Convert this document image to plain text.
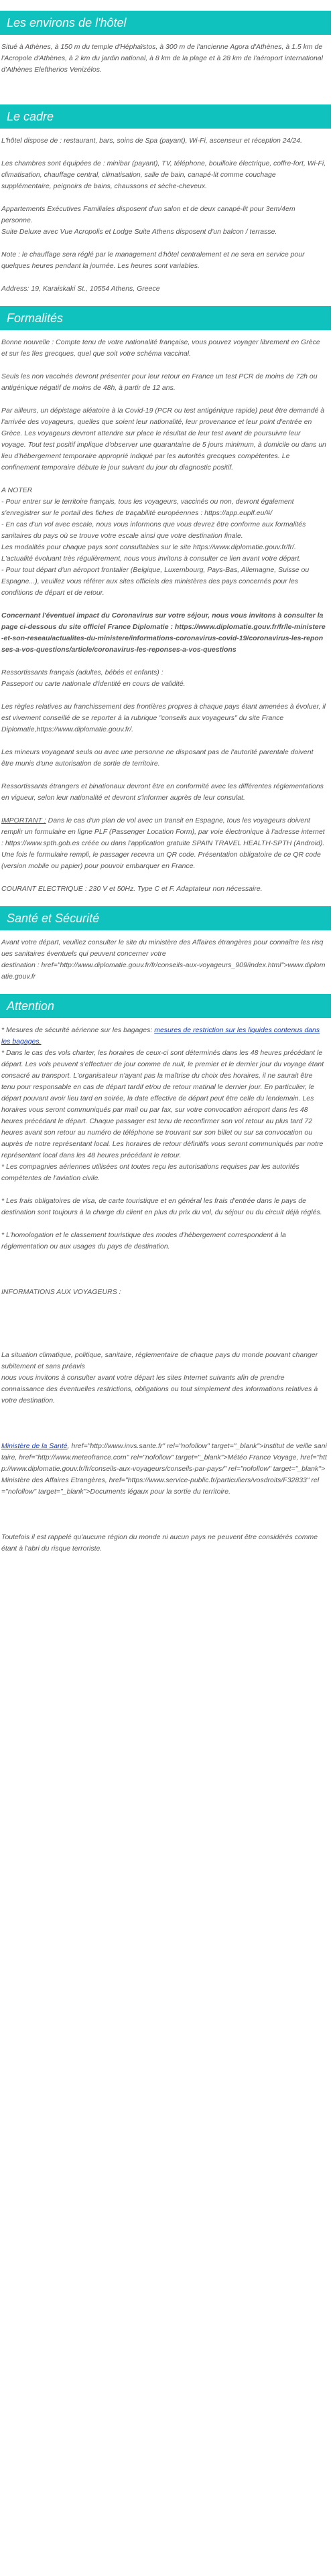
Les environs de l'hôtel
Situé à Athènes, à 150 m du temple d'Héphaïstos, à 300 m de l'ancienne Agora d'Athènes, à 1.5 km de l'Acropole d'Athènes, à 2 km du jardin national, à 8 km de la plage et à 28 km de l'aéroport international d'Athènes Eleftherios Venizélos.
Le cadre
L'hôtel dispose de : restaurant, bars, soins de Spa (payant), Wi-Fi, ascenseur et réception 24/24.
Les chambres sont équipées de : minibar (payant), TV, téléphone, bouilloire électrique, coffre-fort, Wi-Fi, climatisation, chauffage central, climatisation, salle de bain, canapé-lit comme couchage supplémentaire, peignoirs de bains, chaussons et sèche-cheveux.
Appartements Exécutives Familiales disposent d'un salon et de deux canapé-lit pour 3em/4em personne.
Suite Deluxe avec Vue Acropolis et Lodge Suite Athens disposent d'un balcon / terrasse.
Note : le chauffage sera réglé par le management d'hôtel centralement et ne sera en service pour quelques heures pendant la journée. Les heures sont variables.
Address: 19, Karaiskaki St., 10554 Athens, Greece
Formalités
Bonne nouvelle : Compte tenu de votre nationalité française, vous pouvez voyager librement en Grèce et sur les îles grecques, quel que soit votre schéma vaccinal.
Seuls les non vaccinés devront présenter pour leur retour en France un test PCR de moins de 72h ou antigénique négatif de moins de 48h, à partir de 12 ans.
Par ailleurs, un dépistage aléatoire à la Covid-19 (PCR ou test antigénique rapide) peut être demandé à l'arrivée des voyageurs, quelles que soient leur nationalité, leur provenance et leur point d'entrée en Grèce. Les voyageurs devront attendre sur place le résultat de leur test avant de poursuivre leur voyage. Tout test positif implique d'observer une quarantaine de 5 jours minimum, à domicile ou dans un lieu d'hébergement temporaire approprié indiqué par les autorités grecques compétentes. Le confinement temporaire débute le jour suivant du jour du diagnostic positif.
A NOTER
- Pour entrer sur le territoire français, tous les voyageurs, vaccinés ou non, devront également s'enregistrer sur le portail des fiches de traçabilité européennes : https://app.euplf.eu/#/
- En cas d'un vol avec escale, nous vous informons que vous devrez être conforme aux formalités sanitaires du pays où se trouve votre escale ainsi que votre destination finale.
Les modalités pour chaque pays sont consultables sur le site https://www.diplomatie.gouv.fr/fr/. L'actualité évoluant très régulièrement, nous vous invitons à consulter ce lien avant votre départ.
- Pour tout départ d'un aéroport frontalier (Belgique, Luxembourg, Pays-Bas, Allemagne, Suisse ou Espagne...), veuillez vous référer aux sites officiels des ministères des pays concernés pour les conditions de départ et de retour.
Concernant l'éventuel impact du Coronavirus sur votre séjour, nous vous invitons à consulter la page ci-dessous du site officiel France Diplomatie : https://www.diplomatie.gouv.fr/fr/le-ministere-et-son-reseau/actualites-du-ministere/informations-coronavirus-covid-19/coronavirus-les-reponses-a-vos-questions/article/coronavirus-les-reponses-a-vos-questions
Ressortissants français (adultes, bébés et enfants) :
Passeport ou carte nationale d'identité en cours de validité.
Les règles relatives au franchissement des frontières propres à chaque pays étant amenées à évoluer, il est vivement conseillé de se reporter à la rubrique "conseils aux voyageurs" du site France Diplomatie,https://www.diplomatie.gouv.fr/.
Les mineurs voyageant seuls ou avec une personne ne disposant pas de l'autorité parentale doivent être munis d'une autorisation de sortie de territoire.
Ressortissants étrangers et binationaux devront être en conformité avec les différentes réglementations en vigueur, selon leur nationalité et devront s'informer auprès de leur consulat.
IMPORTANT : Dans le cas d'un plan de vol avec un transit en Espagne, tous les voyageurs doivent remplir un formulaire en ligne PLF (Passenger Location Form), par voie électronique à l'adresse internet : https://www.spth.gob.es créée ou dans l'application gratuite SPAIN TRAVEL HEALTH-SPTH (Android). Une fois le formulaire rempli, le passager recevra un QR code. Présentation obligatoire de ce QR code (version mobile ou papier) pour pouvoir embarquer en France.
COURANT ELECTRIQUE : 230 V et 50Hz. Type C et F. Adaptateur non nécessaire.
Santé et Sécurité
Avant votre départ, veuillez consulter le site du ministère des Affaires étrangères pour connaître les risques sanitaires éventuels qui peuvent concerner votre
destination : href="http://www.diplomatie.gouv.fr/fr/conseils-aux-voyageurs_909/index.html">www.diplomatie.gouv.fr
Attention
* Mesures de sécurité aérienne sur les bagages: mesures de restriction sur les liquides contenus dans les bagages.
* Dans le cas des vols charter, les horaires de ceux-ci sont déterminés dans les 48 heures précédant le départ. Les vols peuvent s'effectuer de jour comme de nuit, le premier et le dernier jour du voyage étant consacré au transport. L'organisateur n'ayant pas la maîtrise du choix des horaires, il ne saurait être tenu pour responsable en cas de départ tardif et/ou de retour matinal le dernier jour. En particulier, le départ pouvant avoir lieu tard en soirée, la date effective de départ peut être celle du lendemain. Les horaires vous seront communiqués par mail ou par fax, sur votre convocation aéroport dans les 48 heures précédant le départ. Chaque passager est tenu de reconfirmer son vol retour au plus tard 72 heures avant son retour au numéro de téléphone se trouvant sur son billet ou sur sa convocation ou auprès de notre représentant local. Les horaires de retour définitifs vous seront communiqués par notre représentant local dans les 48 heures précédant le retour.
* Les compagnies aériennes utilisées ont toutes reçu les autorisations requises par les autorités compétentes de l'aviation civile.
* Les frais obligatoires de visa, de carte touristique et en général les frais d'entrée dans le pays de destination sont toujours à la charge du client en plus du prix du vol, du séjour ou du circuit déjà réglés.
* L'homologation et le classement touristique des modes d'hébergement correspondent à la réglementation ou aux usages du pays de destination.
INFORMATIONS AUX VOYAGEURS :
La situation climatique, politique, sanitaire, réglementaire de chaque pays du monde pouvant changer subitement et sans préavis
nous vous invitons à consulter avant votre départ les sites Internet suivants afin de prendre connaissance des éventuelles restrictions, obligations ou tout simplement des informations relatives à votre destination.
Ministère de la Santé, href="http://www.invs.sante.fr" rel="nofollow" target="_blank">Institut de veille sanitaire, href="http://www.meteofrance.com" rel="nofollow" target="_blank">Météo France Voyage, href="http://www.diplomatie.gouv.fr/fr/conseils-aux-voyageurs/conseils-par-pays/" rel="nofollow" target="_blank">Ministère des Affaires Etrangères, href="https://www.service-public.fr/particuliers/vosdroits/F32833" rel="nofollow" target="_blank">Documents légaux pour la sortie du territoire.
Toutefois il est rappelé qu'aucune région du monde ni aucun pays ne peuvent être considérés comme étant à l'abri du risque terroriste.
